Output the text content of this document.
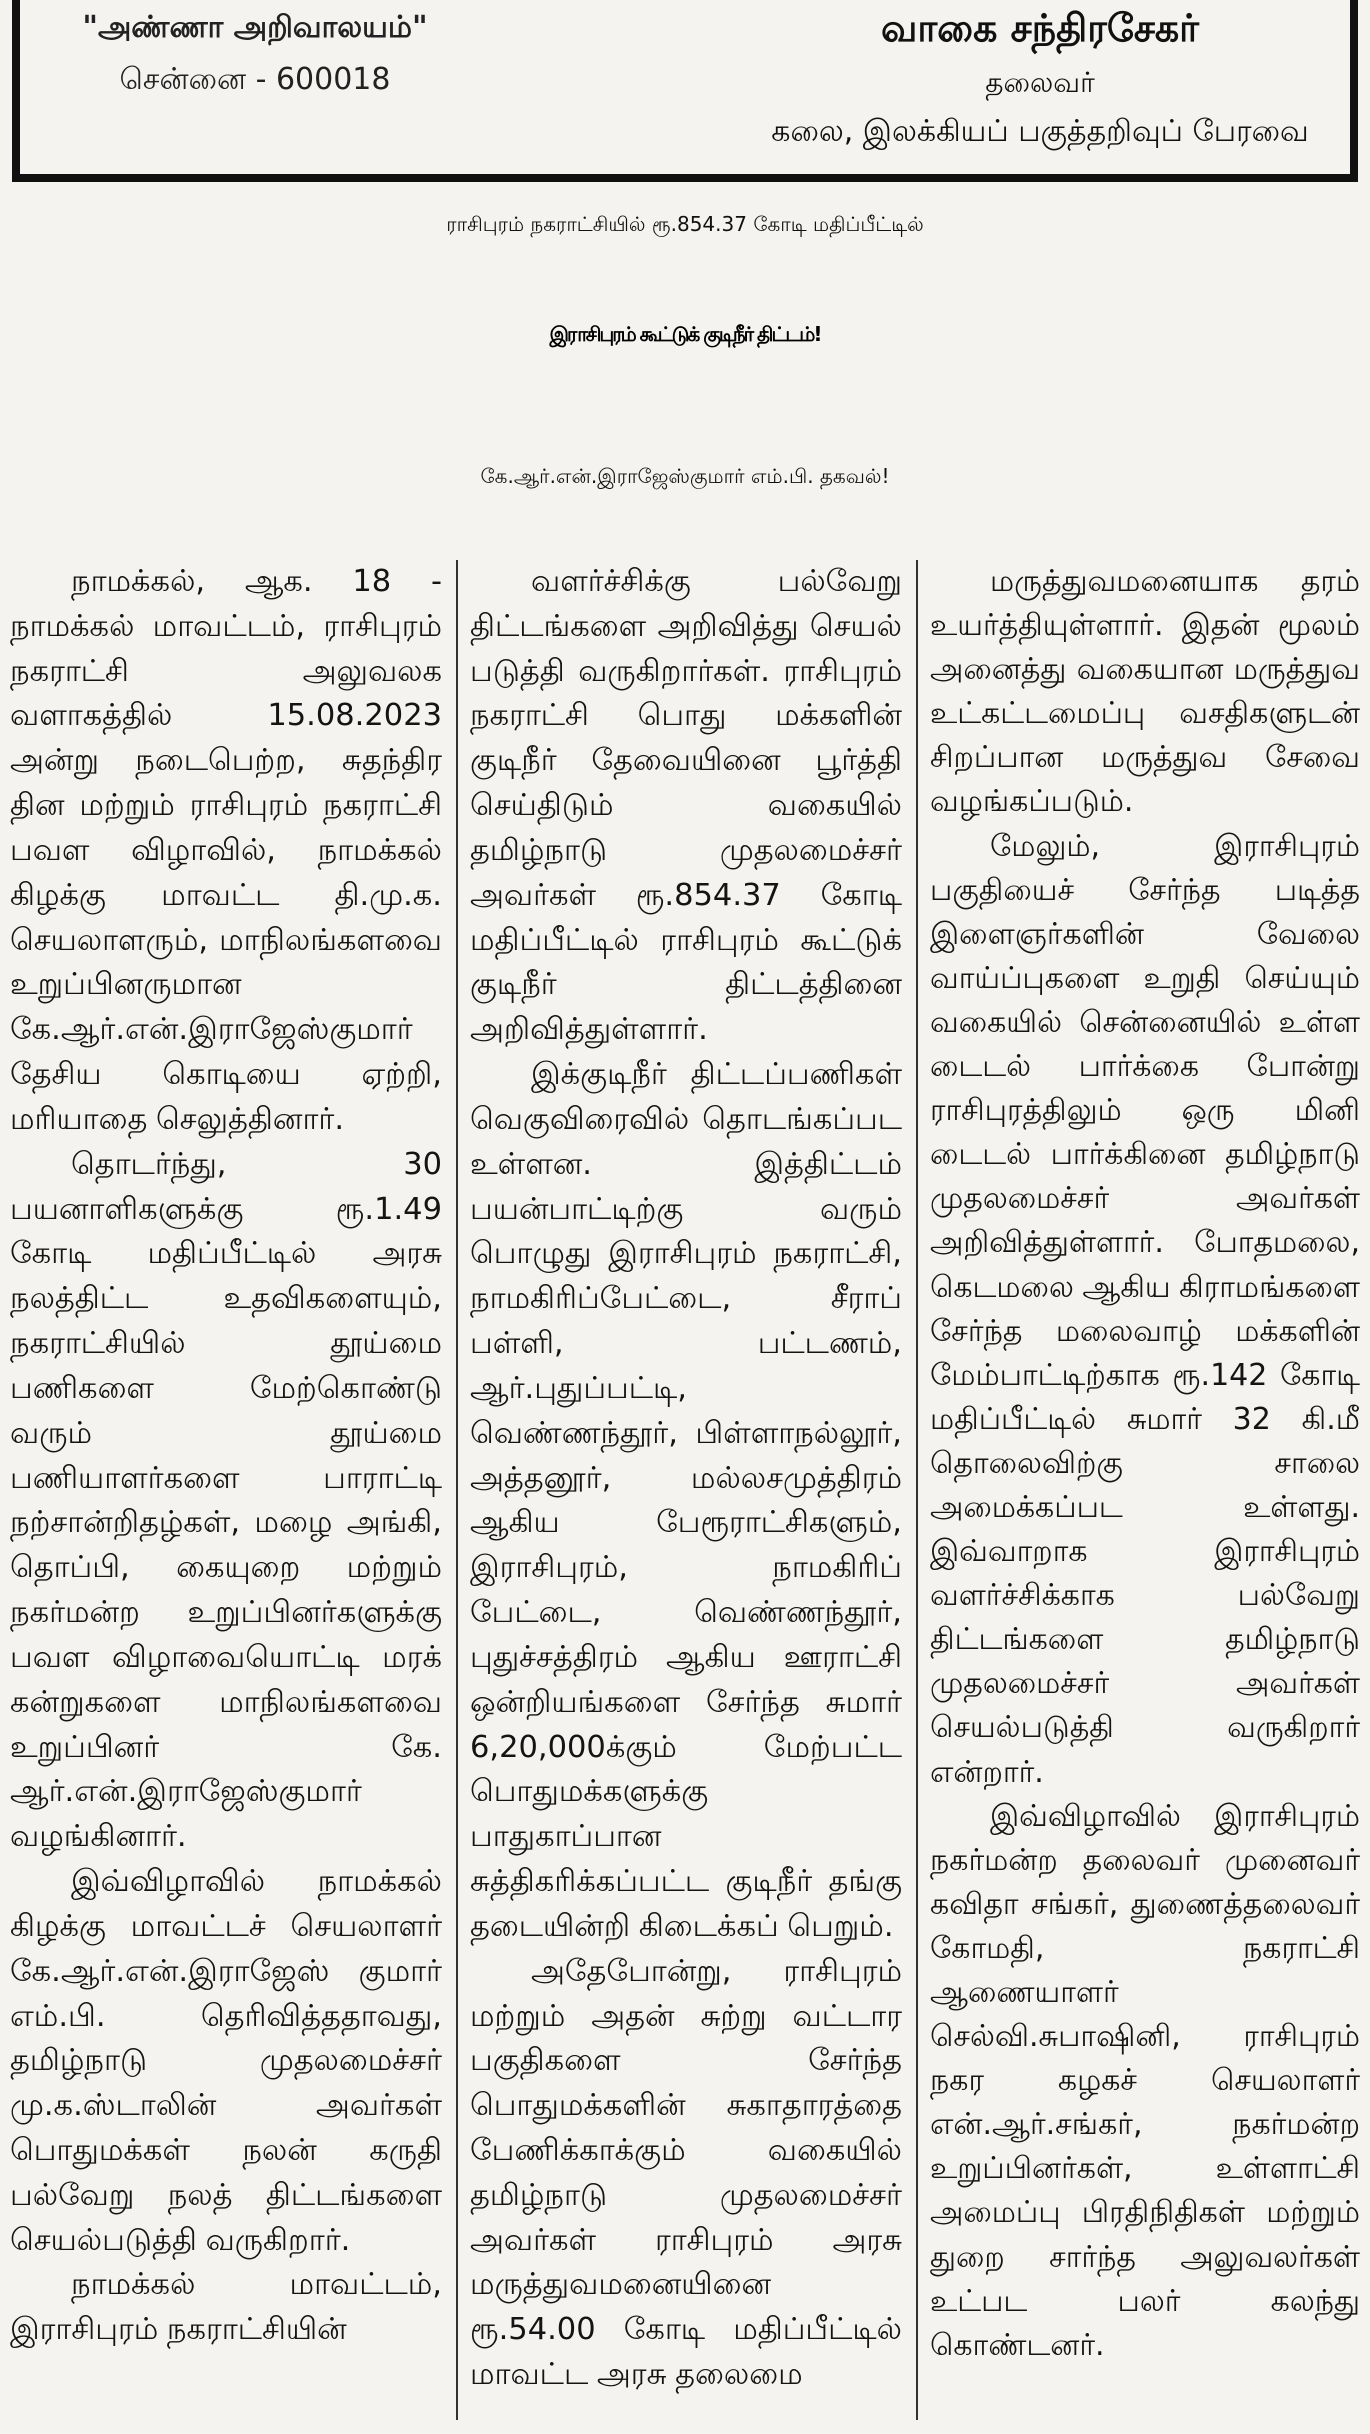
"அண்ணா அறிவாலயம்"
சென்னை - 600018
வாகை சந்திரசேகர்
தலைவர்
கலை, இலக்கியப் பகுத்தறிவுப் பேரவை
ராசிபுரம் நகராட்சியில் ரூ.854.37 கோடி மதிப்பீட்டில்
இராசிபுரம் கூட்டுக் குடிநீர் திட்டம்!
கே.ஆர்.என்.இராஜேஸ்குமார் எம்.பி. தகவல்!

நாமக்கல், ஆக. 18 - நாமக்கல் மாவட்டம், ராசிபுரம் நகராட்சி அலுவலக வளாகத்தில் 15.08.2023 அன்று நடைபெற்ற, சுதந்திர தின மற்றும் ராசிபுரம் நகராட்சி பவள விழாவில், நாமக்கல் கிழக்கு மாவட்ட தி.மு.க. செயலாளரும், மாநிலங்களவை உறுப்பினருமான கே.ஆர்.என்.இராஜேஸ்குமார் தேசிய கொடியை ஏற்றி, மரியாதை செலுத்தினார்.

தொடர்ந்து, 30 பயனாளிகளுக்கு ரூ.1.49 கோடி மதிப்பீட்டில் அரசு நலத்திட்ட உதவிகளையும், நகராட்சியில் தூய்மை பணிகளை மேற்கொண்டு வரும் தூய்மை பணியாளர்களை பாராட்டி நற்சான்றிதழ்கள், மழை அங்கி, தொப்பி, கையுறை மற்றும் நகர்மன்ற உறுப்பினர்களுக்கு பவள விழாவையொட்டி மரக் கன்றுகளை மாநிலங்களவை உறுப்பினர் கே. ஆர்.என்.இராஜேஸ்குமார் வழங்கினார்.

இவ்விழாவில் நாமக்கல் கிழக்கு மாவட்டச் செயலாளர் கே.ஆர்.என்.இராஜேஸ் குமார் எம்.பி. தெரிவித்ததாவது, தமிழ்நாடு முதலமைச்சர் மு.க.ஸ்டாலின் அவர்கள் பொதுமக்கள் நலன் கருதி பல்வேறு நலத் திட்டங்களை செயல்படுத்தி வருகிறார்.

நாமக்கல் மாவட்டம், இராசிபுரம் நகராட்சியின்

வளர்ச்சிக்கு பல்வேறு திட்டங்களை அறிவித்து செயல் படுத்தி வருகிறார்கள். ராசிபுரம் நகராட்சி பொது மக்களின் குடிநீர் தேவையினை பூர்த்தி செய்திடும் வகையில் தமிழ்நாடு முதலமைச்சர் அவர்கள் ரூ.854.37 கோடி மதிப்பீட்டில் ராசிபுரம் கூட்டுக் குடிநீர் திட்டத்தினை அறிவித்துள்ளார்.

இக்குடிநீர் திட்டப்பணிகள் வெகுவிரைவில் தொடங்கப்பட உள்ளன. இத்திட்டம் பயன்பாட்டிற்கு வரும் பொழுது இராசிபுரம் நகராட்சி, நாமகிரிப்பேட்டை, சீராப் பள்ளி, பட்டணம், ஆர்.புதுப்பட்டி, வெண்ணந்தூர், பிள்ளாநல்லூர், அத்தனூர், மல்லசமுத்திரம் ஆகிய பேரூராட்சிகளும், இராசிபுரம், நாமகிரிப் பேட்டை, வெண்ணந்தூர், புதுச்சத்திரம் ஆகிய ஊராட்சி ஒன்றியங்களை சேர்ந்த சுமார் 6,20,000க்கும் மேற்பட்ட பொதுமக்களுக்கு பாதுகாப்பான சுத்திகரிக்கப்பட்ட குடிநீர் தங்கு தடையின்றி கிடைக்கப் பெறும்.

அதேபோன்று, ராசிபுரம் மற்றும் அதன் சுற்று வட்டார பகுதிகளை சேர்ந்த பொதுமக்களின் சுகாதாரத்தை பேணிக்காக்கும் வகையில் தமிழ்நாடு முதலமைச்சர் அவர்கள் ராசிபுரம் அரசு மருத்துவமனையினை ரூ.54.00 கோடி மதிப்பீட்டில் மாவட்ட அரசு தலைமை

மருத்துவமனையாக தரம் உயர்த்தியுள்ளார். இதன் மூலம் அனைத்து வகையான மருத்துவ உட்கட்டமைப்பு வசதிகளுடன் சிறப்பான மருத்துவ சேவை வழங்கப்படும்.

மேலும், இராசிபுரம் பகுதியைச் சேர்ந்த படித்த இளைஞர்களின் வேலை வாய்ப்புகளை உறுதி செய்யும் வகையில் சென்னையில் உள்ள டைடல் பார்க்கை போன்று ராசிபுரத்திலும் ஒரு மினி டைடல் பார்க்கினை தமிழ்நாடு முதலமைச்சர் அவர்கள் அறிவித்துள்ளார். போதமலை, கெடமலை ஆகிய கிராமங்களை சேர்ந்த மலைவாழ் மக்களின் மேம்பாட்டிற்காக ரூ.142 கோடி மதிப்பீட்டில் சுமார் 32 கி.மீ தொலைவிற்கு சாலை அமைக்கப்பட உள்ளது. இவ்வாறாக இராசிபுரம் வளர்ச்சிக்காக பல்வேறு திட்டங்களை தமிழ்நாடு முதலமைச்சர் அவர்கள் செயல்படுத்தி வருகிறார் என்றார்.

இவ்விழாவில் இராசிபுரம் நகர்மன்ற தலைவர் முனைவர் கவிதா சங்கர், துணைத்தலைவர் கோமதி, நகராட்சி ஆணையாளர் செல்வி.சுபாஷினி, ராசிபுரம் நகர கழகச் செயலாளர் என்.ஆர்.சங்கர், நகர்மன்ற உறுப்பினர்கள், உள்ளாட்சி அமைப்பு பிரதிநிதிகள் மற்றும் துறை சார்ந்த அலுவலர்கள் உட்பட பலர் கலந்து கொண்டனர்.
